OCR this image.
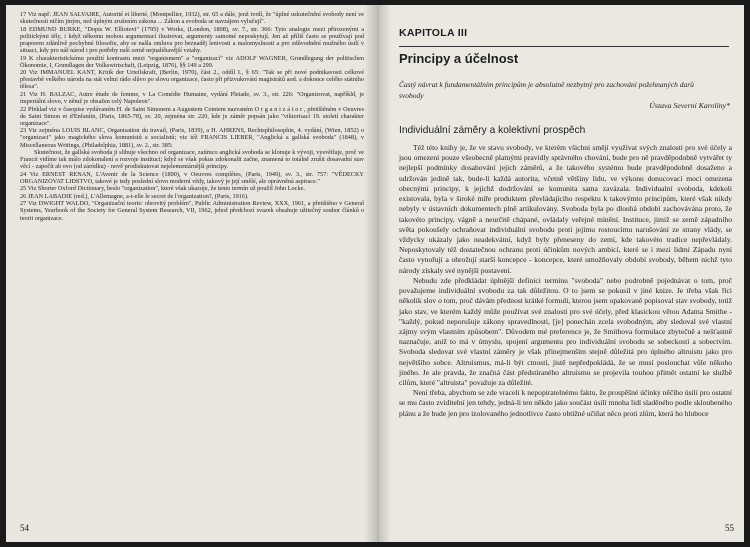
17 Viz např. JEAN SALVAIRE, Autorité et liberté, (Montpellier, 1932), str. 65 a dále, jenž tvrdí, že "úplné uskutečnění svobody není ve skutečnosti ničím jiným, než úplným zrušením zákona ... Zákon a svoboda se navzájem vylučují".
18 EDMUND BURKE, "Dopis W. Elliotovi" (1795) v Works, (London, 1808), sv. 7., str. 366: Tyto analogie mezi přirozenými a politickými těly, i když někomu mohou argumentací ilustrovat, argumenty samotné neposkytují. Jen až příliš často se používají pod praporem zdánlivě pochybné filosofie, aby se našla omluva pro beznaděj lenivosti a malomyslnosti a pro zdůvodnění mužného úsilí v situaci, kdy pro náš národ i pro potřeby naší země nejnaléhavější vztahy.
19 K charakteristickému použití kontrastu mezi "organismem" a "organizací" viz ADOLF WAGNER, Grundlegung der politischen Ökonomie, I, Grundlagen der Volkswirtschaft, (Leipzig, 1876), §§ 149 a 299.
20 Viz IMMANUEL KANT, Kritik der Urteilskraft, (Berlin, 1970), část 2., oddíl I., § 65: "Tak se při nové podnikavosti celkové přestavbě velkého národa na stát velmi rádo slůvo po slovu organizace, často při přizvukování magistrátů aod. a dokonce celého státního tělesa".
21 Viz H. BALZAC, Autre étude de femme, v La Comédie Humaine, vydání Pleiade, sv. 3., str. 226: "Organizovat, napříkld, je imperiální slovo, v němž je obsažen celý Napoleon".
22 Překlad viz v časopise vydávaném H. de Saint Simonem a Augustem Comtem nazvaném O r g a n i z á t o r , přetištěném v Oeuvres de Saint Simon et d'Enfantin, (Paris, 1865-78), sv. 20, zejména str. 220, kde je záměr popsán jako "viktorisací 19. století charakter organizace".
23 Viz zejména LOUIS BLANC, Organisation du travail, (Paris, 1839), a H. AHRENS, Rechtsphilosophie, 4. vydání, (Wien, 1852) o "organizaci" jako magického slova komunistů a socialistů; viz též FRANCIS LIEBER, "Anglická a gallská svoboda" (1848), v Miscellaneous Writings, (Philadelphia, 1881), sv. 2., str. 385:
Skutečnost, že gallská svoboda ji slibuje všechno od organizace, zatímco anglická svoboda se klonuje k vývoji, vysvětluje, proč ve Francii vidíme tak málo zdokonalení a rozvoje institucí; když se však pokus zdokonalit začne, znamená to totálně zrušit dosavadní stav věcí - započít ab ovo (od záródku) - nově prodiskutovat nejelementárnější principy.
24 Viz ERNEST RENAN, L'Avenir de la Science (1890), v Oeuvres complètes, (Paris, 1949), sv. 3., str. 757: "VĚDECKY ORGANIZOVAT LIDSTVO, takové je tedy poslední slovo moderní vědy, takový je její smělé, ale oprávněná aspirace."
25 Viz Shorter Oxford Dictionary, heslo "organization", které však ukazuje, že tento termín už použil John Locke.
26 JEAN LABADIE (red.), L'Allemagne, a-t-elle le secret de l'organization?, (Paris, 1916).
27 Viz DWIGHT WALDO, "Organizační teorie: obrovitý problém", Public Administration Review, XXX, 1961, a přetištěno v General Systems, Yearbook of the Society for General System Research, VII, 1962, jehož předchozí svazek obsahuje užitečný soubor článků o teorii organizace.
54
KAPITOLA III
Principy a účelnost
Častý návrat k fundamentálním principům je absolutně nezbytný pro zachování požehnaných darů svobody
Ústava Severní Karolíny*
Individuální záměry a kolektivní prospěch

Též této knihy je, že ve stavu svobody, ve kterém všichni smějí využívat svých znalostí pro své účely a jsou omezeni pouze všeobecně platnými pravidly správného chování, bude pro ně pravděpodobně vytvářet ty nejlepší podmínky dosahování jejich záměrů, a že takového systému bude pravděpodobně dosaženo a udržován jedině tak, bude-li každá autorita, včetně většiny lidu, ve výkonu donucovací moci omezena obecnými principy, k jejichž dodržování se komunita sama zavázala. Individualní svoboda, kdekoli existovala, byla v široké míře produktem převládajícího respektu k takovýmto principům, které však nikdy nebyly v ústavních dokumentech plně artikulovány. Svoboda byla po dlouhá období zachovávána proto, že takovéto principy, vágně a neurčitě chápané, ovládaly veřejné mínění. Instituce, jimiž se země západního světa pokoušely ochraňovat individuální svobodu proti jejímu rostoucímu narušování ze strany vlády, se vždycky ukázaly jako neadekvátní, když byly přeneseny do zemí, kde takovéto tradice nepřevládaly. Neposkytovaly též dostatečnou ochranu proti účinkům nových ambicí, které se i mezi lidmi Západu nyní často vynořují a ohrožují starší koncepce - koncepce, které umožňovaly období svobody, během nichž tyto národy získaly své nynější postavení.

Nebudu zde předkládat úplnější definici termínu "svoboda" nebo podrobně pojednávat o tom, proč považujeme individuální svobodu za tak důležitou. O to jsem se pokusil v jiné knize. Je třeba však říci několik slov o tom, proč dávám přednost krátké formuli, kterou jsem opakovaně popisoval stav svobody, totiž jako stav, ve kterém každý může používat své znalosti pro své účely, před klasickou větou Adama Smithe - "každý, pokud neporušuje zákony spravedlnosti, [je] ponechán zcela svobodným, aby sledoval své vlastní zájmy svým vlastním způsobem". Důvodem mé preference je, že Smithova formulace zbytečně a nešťastně naznačuje, aniž to má v úmyslu, spojení argumentu pro individuální svobodu se sobeckostí a sobectvím. Svoboda sledovat své vlastní záměry je však přinejmenším stejně důležitá pro úplného altruistu jako pro největšího sobce. Altruismus, má-li být ctností, jistě nepředpokládá, že se musí poslouchat vůle někoho jiného. Je ale pravda, že značná část předstíraného altruismu se projevila touhou přimět ostatní ke službě cílům, které "altruista" považuje za důležité.

Není třeba, abychom se zde vraceli k nepopiratelnému faktu, že prospěšné účinky něčího úsilí pro ostatní se mu často zviditelní jen tehdy, jedná-li ten někdo jako součást úsilí mnoha lidí sladěného podle skloubeného plánu a že bude jen pro izolovaného jednotlivce často obtížné učiňat něco proti zlům, která ho hluboce

55
